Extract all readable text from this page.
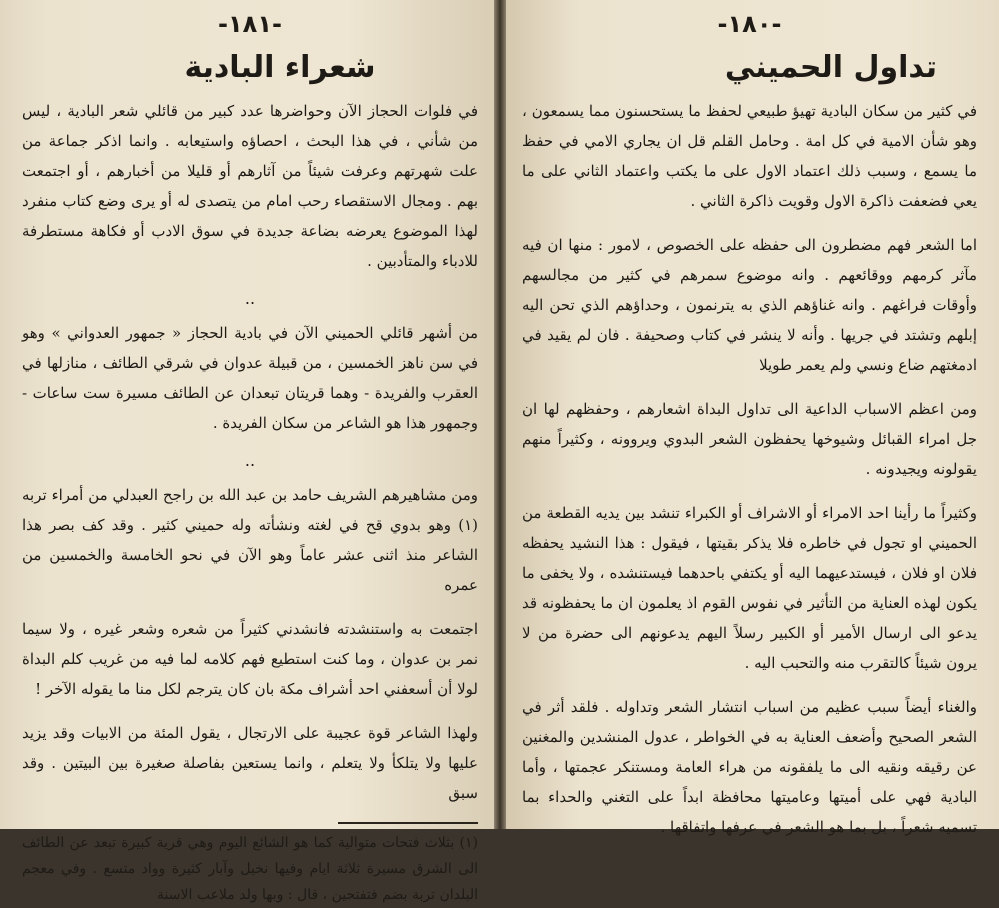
-١٨١-
شعراء البادية

في فلوات الحجاز الآن وحواضرها عدد كبير من قائلي شعر البادية ، ليس من شأني ، في هذا البحث ، احصاؤه واستيعابه . وانما اذكر جماعة من علت شهرتهم وعرفت شيئاً من آثارهم أو قليلا من أخبارهم ، أو اجتمعت بهم . ومجال الاستقصاء رحب امام من يتصدى له أو يرى وضع كتاب منفرد لهذا الموضوع يعرضه بضاعة جديدة في سوق الادب أو فكاهة مستطرفة للادباء والمتأدبين .

..

من أشهر قائلي الحميني الآن في بادية الحجاز « جمهور العدواني » وهو في سن ناهز الخمسين ، من قبيلة عدوان في شرقي الطائف ، منازلها في العقرب والفريدة - وهما قريتان تبعدان عن الطائف مسيرة ست ساعات - وجمهور هذا هو الشاعر من سكان الفريدة .

..

ومن مشاهيرهم الشريف حامد بن عبد الله بن راجح العبدلي من أمراء تربه (١) وهو بدوي قح في لغته ونشأته وله حميني كثير . وقد كف بصر هذا الشاعر منذ اثنى عشر عاماً وهو الآن في نحو الخامسة والخمسين من عمره

اجتمعت به واستنشدته فانشدني كثيراً من شعره وشعر غيره ، ولا سيما نمر بن عدوان ، وما كنت استطيع فهم كلامه لما فيه من غريب كلم البداة لولا أن أسعفني احد أشراف مكة بان كان يترجم لكل منا ما يقوله الآخر !

ولهذا الشاعر قوة عجيبة على الارتجال ، يقول المئة من الابيات وقد يزيد عليها ولا يتلكأ ولا يتعلم ، وانما يستعين بفاصلة صغيرة بين البيتين . وقد سبق

(١) بثلاث فتحات متوالية كما هو الشائع اليوم وهي قرية كبيرة تبعد عن الطائف الى الشرق مسيرة ثلاثة ايام وفيها نخيل وآبار كثيرة وواد متسع . وفي معجم البلدان تربة بضم فتفتحين ، قال : وبها ولد ملاعب الاسنة

-١٨٠-
تداول الحميني

في كثير من سكان البادية تهيؤ طبيعي لحفظ ما يستحسنون مما يسمعون ، وهو شأن الامية في كل امة . وحامل القلم قل ان يجاري الامي في حفظ ما يسمع ، وسبب ذلك اعتماد الاول على ما يكتب واعتماد الثاني على ما يعي فضعفت ذاكرة الاول وقويت ذاكرة الثاني .

اما الشعر فهم مضطرون الى حفظه على الخصوص ، لامور : منها ان فيه مآثر كرمهم ووقائعهم . وانه موضوع سمرهم في كثير من مجالسهم وأوقات فراغهم . وانه غناؤهم الذي به يترنمون ، وحداؤهم الذي تحن اليه إبلهم وتشتد في جريها . وأنه لا ينشر في كتاب وصحيفة . فان لم يقيد في ادمغتهم ضاع ونسي ولم يعمر طويلا

ومن اعظم الاسباب الداعية الى تداول البداة اشعارهم ، وحفظهم لها ان جل امراء القبائل وشيوخها يحفظون الشعر البدوي ويروونه ، وكثيراً منهم يقولونه ويجيدونه .

وكثيراً ما رأينا احد الامراء أو الاشراف أو الكبراء تنشد بين يديه القطعة من الحميني او تجول في خاطره فلا يذكر بقيتها ، فيقول : هذا النشيد يحفظه فلان او فلان ، فيستدعيهما اليه أو يكتفي باحدهما فيستنشده ، ولا يخفى ما يكون لهذه العناية من التأثير في نفوس القوم اذ يعلمون ان ما يحفظونه قد يدعو الى ارسال الأمير أو الكبير رسلاً اليهم يدعونهم الى حضرة من لا يرون شيئاً كالتقرب منه والتحبب اليه .

والغناء أيضاً سبب عظيم من اسباب انتشار الشعر وتداوله . فلقد أثر في الشعر الصحيح وأضعف العناية به في الخواطر ، عدول المنشدين والمغنين عن رقيقه ونقيه الى ما يلفقونه من هراء العامة ومستنكر عجمتها ، وأما البادية فهي على أميتها وعاميتها محافظة ابداً على التغني والحداء بما تسميه شعراً ، بل بما هو الشعر في عرفها واتفاقها .
